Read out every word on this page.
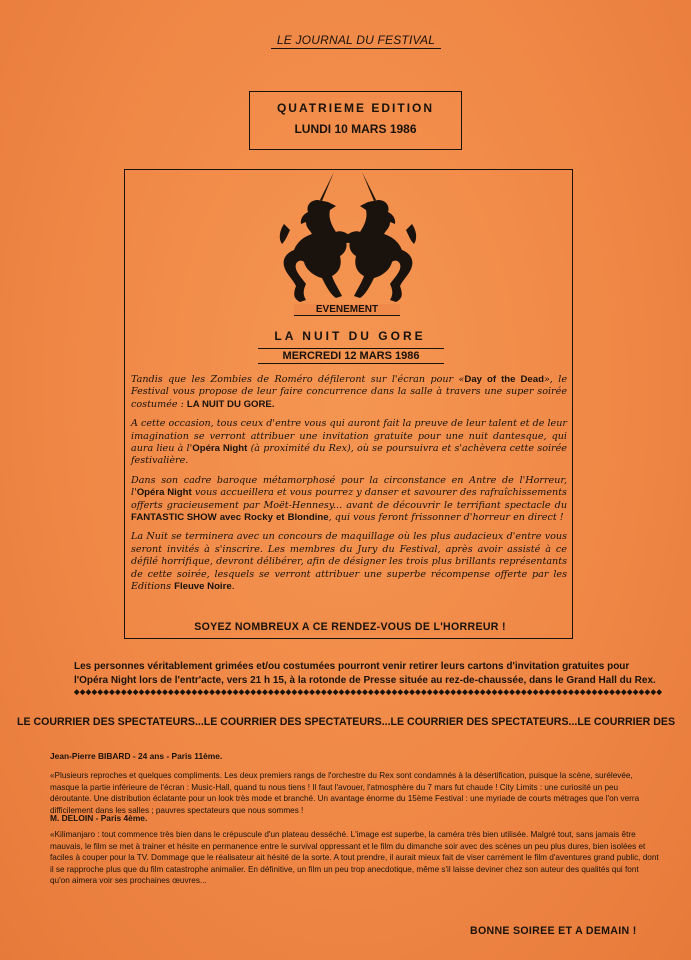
LE JOURNAL DU FESTIVAL
QUATRIEME EDITION
LUNDI 10 MARS 1986
EVENEMENT
LA NUIT DU GORE
MERCREDI 12 MARS 1986

Tandis que les Zombies de Roméro défileront sur l'écran pour «Day of the Dead», le Festival vous propose de leur faire concurrence dans la salle à travers une super soirée costumée : LA NUIT DU GORE.

A cette occasion, tous ceux d'entre vous qui auront fait la preuve de leur talent et de leur imagination se verront attribuer une invitation gratuite pour une nuit dantesque, qui aura lieu à l'Opéra Night (à proximité du Rex), où se poursuivra et s'achèvera cette soirée festivalière.

Dans son cadre baroque métamorphosé pour la circonstance en Antre de l'Horreur, l'Opéra Night vous accueillera et vous pourrez y danser et savourer des rafraîchissements offerts gracieusement par Moët-Hennesy... avant de découvrir le terrifiant spectacle du FANTASTIC SHOW avec Rocky et Blondine, qui vous feront frissonner d'horreur en direct !

La Nuit se terminera avec un concours de maquillage où les plus audacieux d'entre vous seront invités à s'inscrire. Les membres du Jury du Festival, après avoir assisté à ce défilé horrifique, devront délibérer, afin de désigner les trois plus brillants représentants de cette soirée, lesquels se verront attribuer une superbe récompense offerte par les Editions Fleuve Noire.

SOYEZ NOMBREUX A CE RENDEZ-VOUS DE L'HORREUR !
Les personnes véritablement grimées et/ou costumées pourront venir retirer leurs cartons d'invitation gratuites pour l'Opéra Night lors de l'entr'acte, vers 21 h 15, à la rotonde de Presse située au rez-de-chaussée, dans le Grand Hall du Rex.
◆◆◆◆◆◆◆◆◆◆◆◆◆◆◆◆◆◆◆◆◆◆◆◆◆◆◆◆◆◆◆◆◆◆◆◆◆◆◆◆◆◆◆◆◆◆◆◆◆◆◆◆◆◆◆◆◆◆◆◆◆◆◆◆◆◆◆◆◆◆◆◆◆◆◆◆◆◆◆◆◆◆◆◆◆◆◆◆◆◆◆◆◆◆◆◆◆◆◆◆
LE COURRIER DES SPECTATEURS...LE COURRIER DES SPECTATEURS...LE COURRIER DES SPECTATEURS...LE COURRIER DES
Jean-Pierre BIBARD - 24 ans - Paris 11ème.
«Plusieurs reproches et quelques compliments. Les deux premiers rangs de l'orchestre du Rex sont condamnés à la désertification, puisque la scène, surélevée, masque la partie inférieure de l'écran : Music-Hall, quand tu nous tiens ! Il faut l'avouer, l'atmosphère du 7 mars fut chaude ! City Limits : une curiosité un peu déroutante. Une distribution éclatante pour un look très mode et branché. Un avantage énorme du 15ème Festival : une myriade de courts métrages que l'on verra difficilement dans les salles ; pauvres spectateurs que nous sommes !
M. DELOIN - Paris 4ème.
«Kilimanjaro : tout commence très bien dans le crépuscule d'un plateau desséché. L'image est superbe, la caméra très bien utilisée. Malgré tout, sans jamais être mauvais, le film se met à trainer et hésite en permanence entre le survival oppressant et le film du dimanche soir avec des scènes un peu plus dures, bien isolées et faciles à couper pour la TV. Dommage que le réalisateur ait hésité de la sorte. A tout prendre, il aurait mieux fait de viser carrément le film d'aventures grand public, dont il se rapproche plus que du film catastrophe animalier. En définitive, un film un peu trop anecdotique, même s'il laisse deviner chez son auteur des qualités qui font qu'on aimera voir ses prochaines œuvres...
BONNE SOIREE ET A DEMAIN !
